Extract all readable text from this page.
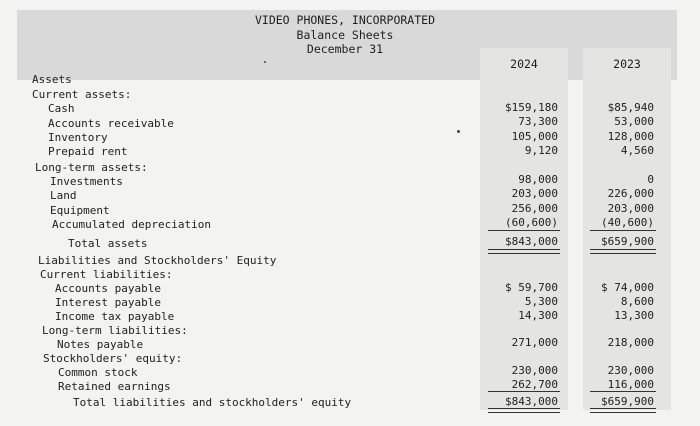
VIDEO PHONES, INCORPORATED
Balance Sheets
December 31
2024	2023
Assets
Current assets:
Cash
Accounts receivable
Inventory
Prepaid rent
Long-term assets:
Investments
Land
Equipment
Accumulated depreciation
Total assets
Liabilities and Stockholders' Equity
Current liabilities:
Accounts payable
Interest payable
Income tax payable
Long-term liabilities:
Notes payable
Stockholders' equity:
Common stock
Retained earnings
Total liabilities and stockholders' equity
$159,180
73,300
105,000
9,120
98,000
203,000
256,000
(60,600)
$843,000
$ 59,700
5,300
14,300
271,000
230,000
262,700
$843,000
$85,940
53,000
128,000
4,560
0
226,000
203,000
(40,600)
$659,900
$ 74,000
8,600
13,300
218,000
230,000
116,000
$659,900
